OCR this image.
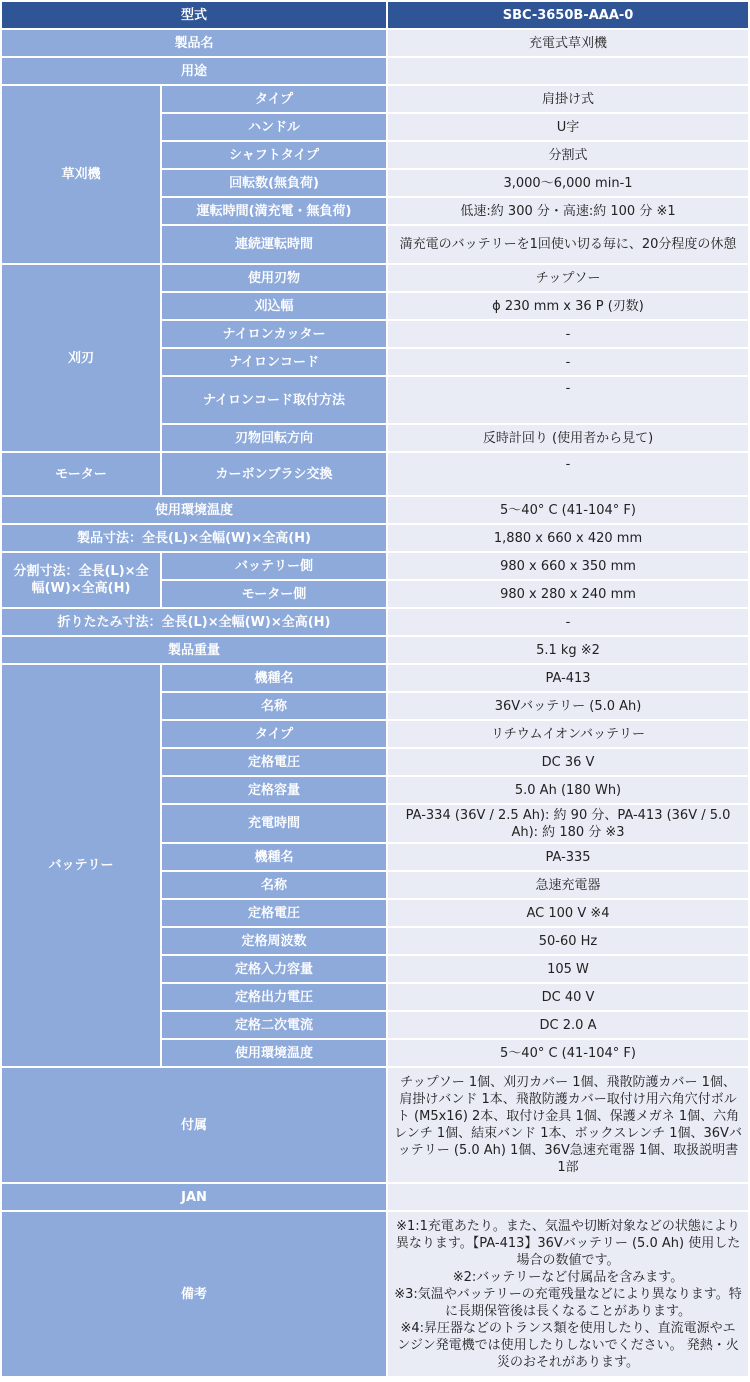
型式		SBC-3650B-AAA-0
製品名		充電式草刈機
用途		
草刈機	タイプ	肩掛け式
	ハンドル	U字
	シャフトタイプ	分割式
	回転数(無負荷)	3,000～6,000 min-1
	運転時間(満充電・無負荷)	低速:約 300 分・高速:約 100 分 ※1
	連続運転時間	満充電のバッテリーを1回使い切る毎に、20分程度の休憩
刈刃	使用刃物	チップソー
	刈込幅	ϕ 230 mm x 36 P (刃数)
	ナイロンカッター	-
	ナイロンコード	-
	ナイロンコード取付方法	-
	刃物回転方向	反時計回り (使用者から見て)
モーター	カーボンブラシ交換	-
使用環境温度		5～40° C (41-104° F)
製品寸法：全長(L)×全幅(W)×全高(H)		1,880 x 660 x 420 mm
分割寸法：全長(L)×全幅(W)×全高(H)	バッテリー側	980 x 660 x 350 mm
	モーター側	980 x 280 x 240 mm
折りたたみ寸法：全長(L)×全幅(W)×全高(H)		-
製品重量		5.1 kg ※2
バッテリー	機種名	PA-413
	名称	36Vバッテリー (5.0 Ah)
	タイプ	リチウムイオンバッテリー
	定格電圧	DC 36 V
	定格容量	5.0 Ah (180 Wh)
	充電時間	PA-334 (36V / 2.5 Ah): 約 90 分、PA-413 (36V / 5.0 Ah): 約 180 分 ※3
	機種名	PA-335
	名称	急速充電器
	定格電圧	AC 100 V ※4
	定格周波数	50-60 Hz
	定格入力容量	105 W
	定格出力電圧	DC 40 V
	定格二次電流	DC 2.0 A
	使用環境温度	5～40° C (41-104° F)
付属		チップソー 1個、刈刃カバー 1個、飛散防護カバー 1個、肩掛けバンド 1本、飛散防護カバー取付け用六角穴付ボルト (M5x16) 2本、取付け金具 1個、保護メガネ 1個、六角レンチ 1個、結束バンド 1本、ボックスレンチ 1個、36Vバッテリー (5.0 Ah) 1個、36V急速充電器 1個、取扱説明書 1部
JAN		
備考		※1:1充電あたり。また、気温や切断対象などの状態により異なります。【PA-413】36Vバッテリー (5.0 Ah) 使用した場合の数値です。
※2:バッテリーなど付属品を含みます。
※3:気温やバッテリーの充電残量などにより異なります。特に長期保管後は長くなることがあります。
※4:昇圧器などのトランス類を使用したり、直流電源やエンジン発電機では使用したりしないでください。 発熱・火災のおそれがあります。
